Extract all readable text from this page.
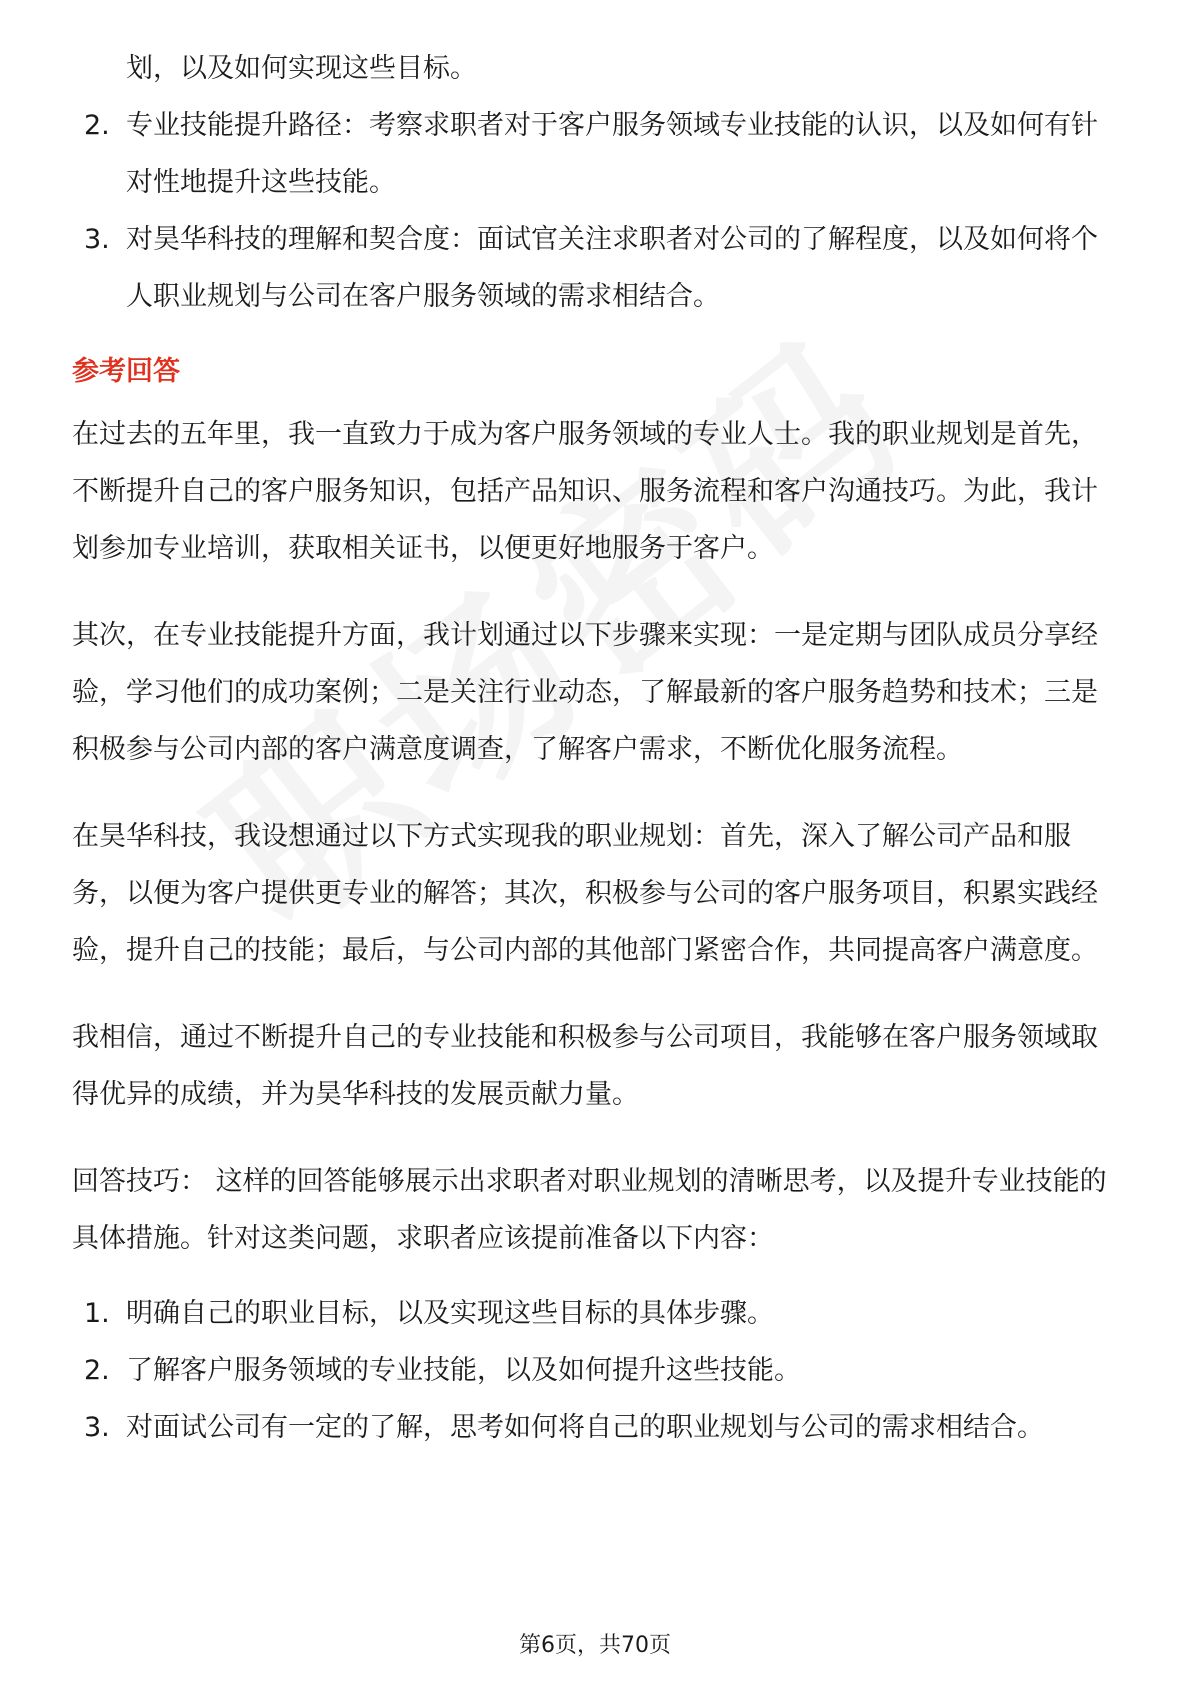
划，以及如何实现这些目标。

2. 专业技能提升路径：考察求职者对于客户服务领域专业技能的认识，以及如何有针对性地提升这些技能。
3. 对昊华科技的理解和契合度：面试官关注求职者对公司的了解程度，以及如何将个人职业规划与公司在客户服务领域的需求相结合。
参考回答

在过去的五年里，我一直致力于成为客户服务领域的专业人士。我的职业规划是首先，不断提升自己的客户服务知识，包括产品知识、服务流程和客户沟通技巧。为此，我计划参加专业培训，获取相关证书，以便更好地服务于客户。

其次，在专业技能提升方面，我计划通过以下步骤来实现：一是定期与团队成员分享经验，学习他们的成功案例；二是关注行业动态，了解最新的客户服务趋势和技术；三是积极参与公司内部的客户满意度调查，了解客户需求，不断优化服务流程。

在昊华科技，我设想通过以下方式实现我的职业规划：首先，深入了解公司产品和服务，以便为客户提供更专业的解答；其次，积极参与公司的客户服务项目，积累实践经验，提升自己的技能；最后，与公司内部的其他部门紧密合作，共同提高客户满意度。

我相信，通过不断提升自己的专业技能和积极参与公司项目，我能够在客户服务领域取得优异的成绩，并为昊华科技的发展贡献力量。

回答技巧： 这样的回答能够展示出求职者对职业规划的清晰思考，以及提升专业技能的具体措施。针对这类问题，求职者应该提前准备以下内容：

1. 明确自己的职业目标，以及实现这些目标的具体步骤。
2. 了解客户服务领域的专业技能，以及如何提升这些技能。
3. 对面试公司有一定的了解，思考如何将自己的职业规划与公司的需求相结合。
第6页，共70页
